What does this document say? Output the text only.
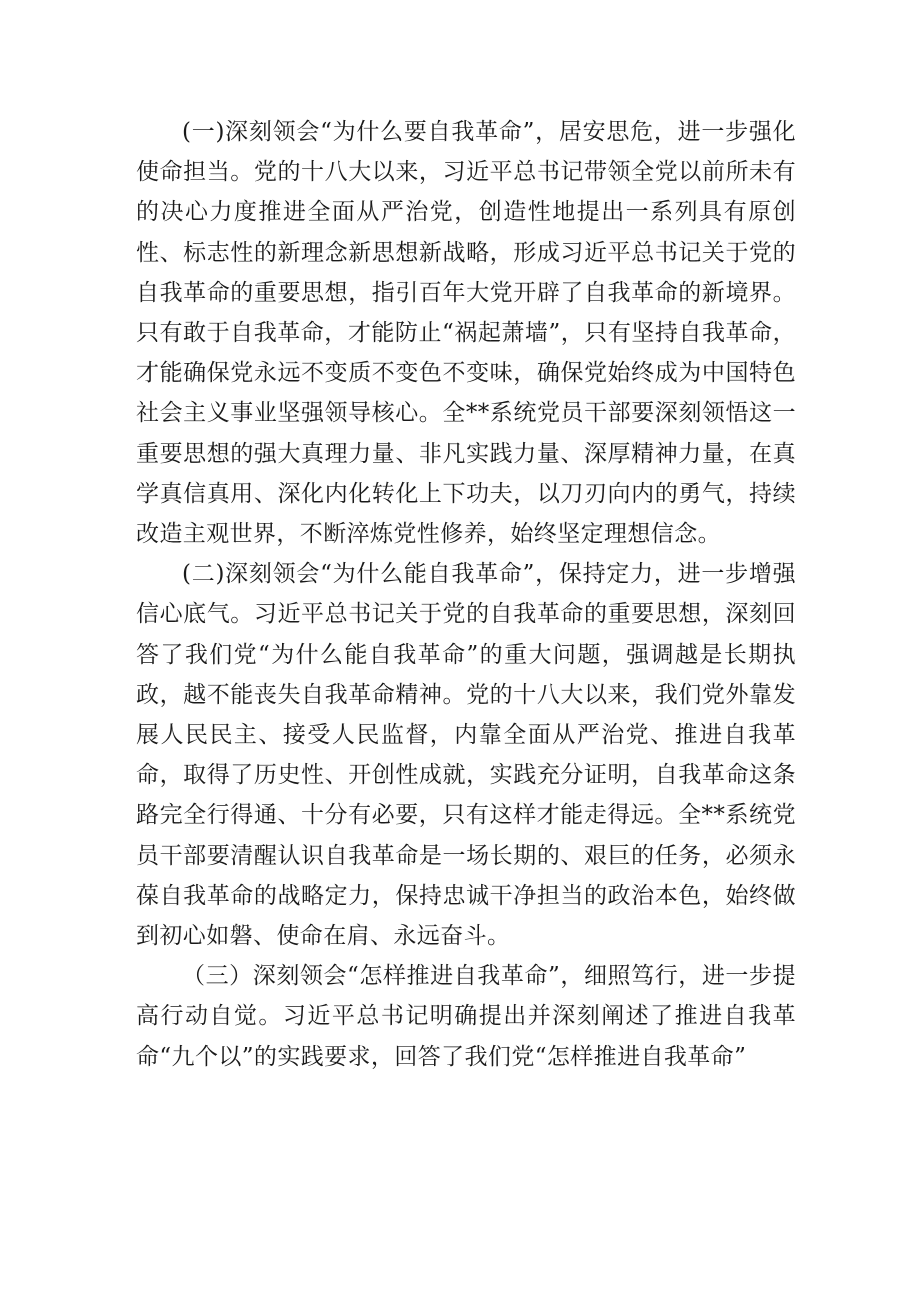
(一)深刻领会“为什么要自我革命”，居安思危，进一步强化使命担当。党的十八大以来，习近平总书记带领全党以前所未有的决心力度推进全面从严治党，创造性地提出一系列具有原创性、标志性的新理念新思想新战略，形成习近平总书记关于党的自我革命的重要思想，指引百年大党开辟了自我革命的新境界。只有敢于自我革命，才能防止“祸起萧墙”，只有坚持自我革命，才能确保党永远不变质不变色不变味，确保党始终成为中国特色社会主义事业坚强领导核心。全**系统党员干部要深刻领悟这一重要思想的强大真理力量、非凡实践力量、深厚精神力量，在真学真信真用、深化内化转化上下功夫，以刀刃向内的勇气，持续改造主观世界，不断淬炼党性修养，始终坚定理想信念。

(二)深刻领会“为什么能自我革命”，保持定力，进一步增强信心底气。习近平总书记关于党的自我革命的重要思想，深刻回答了我们党“为什么能自我革命”的重大问题，强调越是长期执政，越不能丧失自我革命精神。党的十八大以来，我们党外靠发展人民民主、接受人民监督，内靠全面从严治党、推进自我革命，取得了历史性、开创性成就，实践充分证明，自我革命这条路完全行得通、十分有必要，只有这样才能走得远。全**系统党员干部要清醒认识自我革命是一场长期的、艰巨的任务，必须永葆自我革命的战略定力，保持忠诚干净担当的政治本色，始终做到初心如磐、使命在肩、永远奋斗。

（三）深刻领会“怎样推进自我革命”，细照笃行，进一步提高行动自觉。习近平总书记明确提出并深刻阐述了推进自我革命“九个以”的实践要求，回答了我们党“怎样推进自我革命”
